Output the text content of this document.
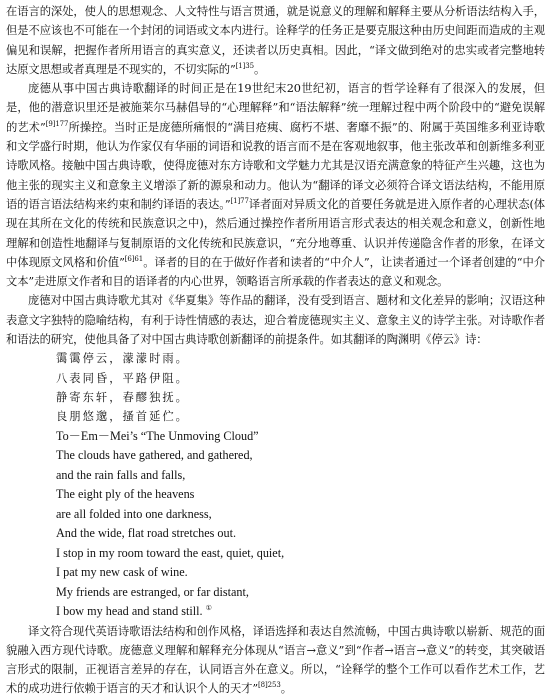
在语言的深处，使人的思想观念、人文特性与语言贯通，就是说意义的理解和解释主要从分析语法结构入手，但是不应该也不可能在一个封闭的词语或文本内进行。诠释学的任务正是要克服这种由历史间距而造成的主观偏见和误解，把握作者所用语言的真实意义，还读者以历史真相。因此，“译文做到绝对的忠实或者完整地转达原文思想或者真理是不现实的，不切实际的”$^{[1]35}$。

庞德从事中国古典诗歌翻译的时间正是在19世纪末20世纪初，语言的哲学诠释有了很深入的发展，但是，他的潜意识里还是被施莱尔马赫倡导的“心理解释”和“语法解释”统一理解过程中两个阶段中的“避免误解的艺术”$^{[9]177}$所操控。当时正是庞德所痛恨的“满目疮痍、腐朽不堪、奢靡不振”的、附属于英国维多利亚诗歌和文学盛行时期，他认为作家仅有华丽的词语和说教的语言而不是在客观地叙事，他主张改革和创新维多利亚诗歌风格。接触中国古典诗歌，使得庞德对东方诗歌和文学魅力尤其是汉语充满意象的特征产生兴趣，这也为他主张的现实主义和意象主义增添了新的源泉和动力。他认为“翻译的译文必须符合译文语法结构，不能用原语的语言语法结构来约束和制约译语的表达。”$^{[1]77}$译者面对异质文化的首要任务就是进入原作者的心理状态(体现在其所在文化的传统和民族意识之中)，然后通过操控作者所用语言形式表达的相关观念和意义，创新性地理解和创造性地翻译与复制原语的文化传统和民族意识，“充分地尊重、认识并传递隐含作者的形象，在译文中体现原文风格和价值”$^{[6]61}$。译者的目的在于做好作者和读者的“中介人”，让读者通过一个译者创建的“中介文本”走进原文作者和目的语译者的内心世界，领略语言所承载的作者表达的意义和观念。

庞德对中国古典诗歌尤其对《华夏集》等作品的翻译，没有受到语言、题材和文化差异的影响；汉语这种表意文字独特的隐喻结构，有利于诗性情感的表达，迎合着庞德现实主义、意象主义的诗学主张。对诗歌作者和语法的研究，使他具备了对中国古典诗歌创新翻译的前提条件。如其翻译的陶渊明《停云》诗：

霭霭停云，濛濛时雨。

八表同昏，平路伊阻。

静寄东轩，春醪独抚。

良朋悠邈，搔首延伫。

To－Em－Mei’s “The Unmoving Cloud”

The clouds have gathered, and gathered,

and the rain falls and falls,

The eight ply of the heavens

are all folded into one darkness,

And the wide, flat road stretches out.

I stop in my room toward the east, quiet, quiet,

I pat my new cask of wine.

My friends are estranged, or far distant,

I bow my head and stand still. ①

译文符合现代英语诗歌语法结构和创作风格，译语选择和表达自然流畅，中国古典诗歌以崭新、规范的面貌融入西方现代诗歌。庞德意义理解和解释充分体现从“语言→意义”到“作者→语言→意义”的转变，其突破语言形式的限制，正视语言差异的存在，认同语言外在意义。所以，“诠释学的整个工作可以看作艺术工作，艺术的成功进行依赖于语言的天才和认识个人的天才”$^{[8]253}$。
